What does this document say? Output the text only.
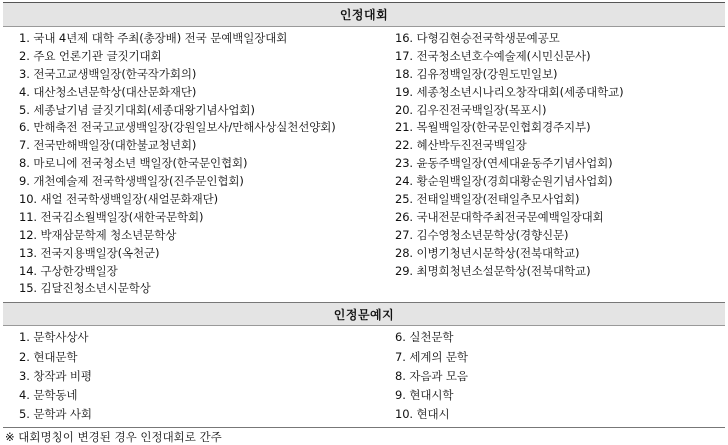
인정대회
1. 국내 4년제 대학 주최(총장배) 전국 문예백일장대회
2. 주요 언론기관 글짓기대회
3. 전국고교생백일장(한국작가회의)
4. 대산청소년문학상(대산문화재단)
5. 세종날기념 글짓기대회(세종대왕기념사업회)
6. 만해축전 전국고교생백일장(강원일보사/만해사상실천선양회)
7. 전국만해백일장(대한불교청년회)
8. 마로니에 전국청소년 백일장(한국문인협회)
9. 개천예술제 전국학생백일장(진주문인협회)
10. 새얼 전국학생백일장(새얼문화재단)
11. 전국김소월백일장(새한국문학회)
12. 박재삼문학제 청소년문학상
13. 전국지용백일장(옥천군)
14. 구상한강백일장
15. 김달진청소년시문학상
16. 다형김현승전국학생문예공모
17. 전국청소년호수예술제(시민신문사)
18. 김유정백일장(강원도민일보)
19. 세종청소년시나리오창작대회(세종대학교)
20. 김우진전국백일장(목포시)
21. 목월백일장(한국문인협회경주지부)
22. 혜산박두진전국백일장
23. 윤동주백일장(연세대윤동주기념사업회)
24. 황순원백일장(경희대황순원기념사업회)
25. 전태일백일장(전태일추모사업회)
26. 국내전문대학주최전국문예백일장대회
27. 김수영청소년문학상(경향신문)
28. 이병기청년시문학상(전북대학교)
29. 최명희청년소설문학상(전북대학교)
인정문예지
1. 문학사상사
2. 현대문학
3. 창작과 비평
4. 문학동네
5. 문학과 사회
6. 실천문학
7. 세계의 문학
8. 자음과 모음
9. 현대시학
10. 현대시
※ 대회명칭이 변경된 경우 인정대회로 간주
